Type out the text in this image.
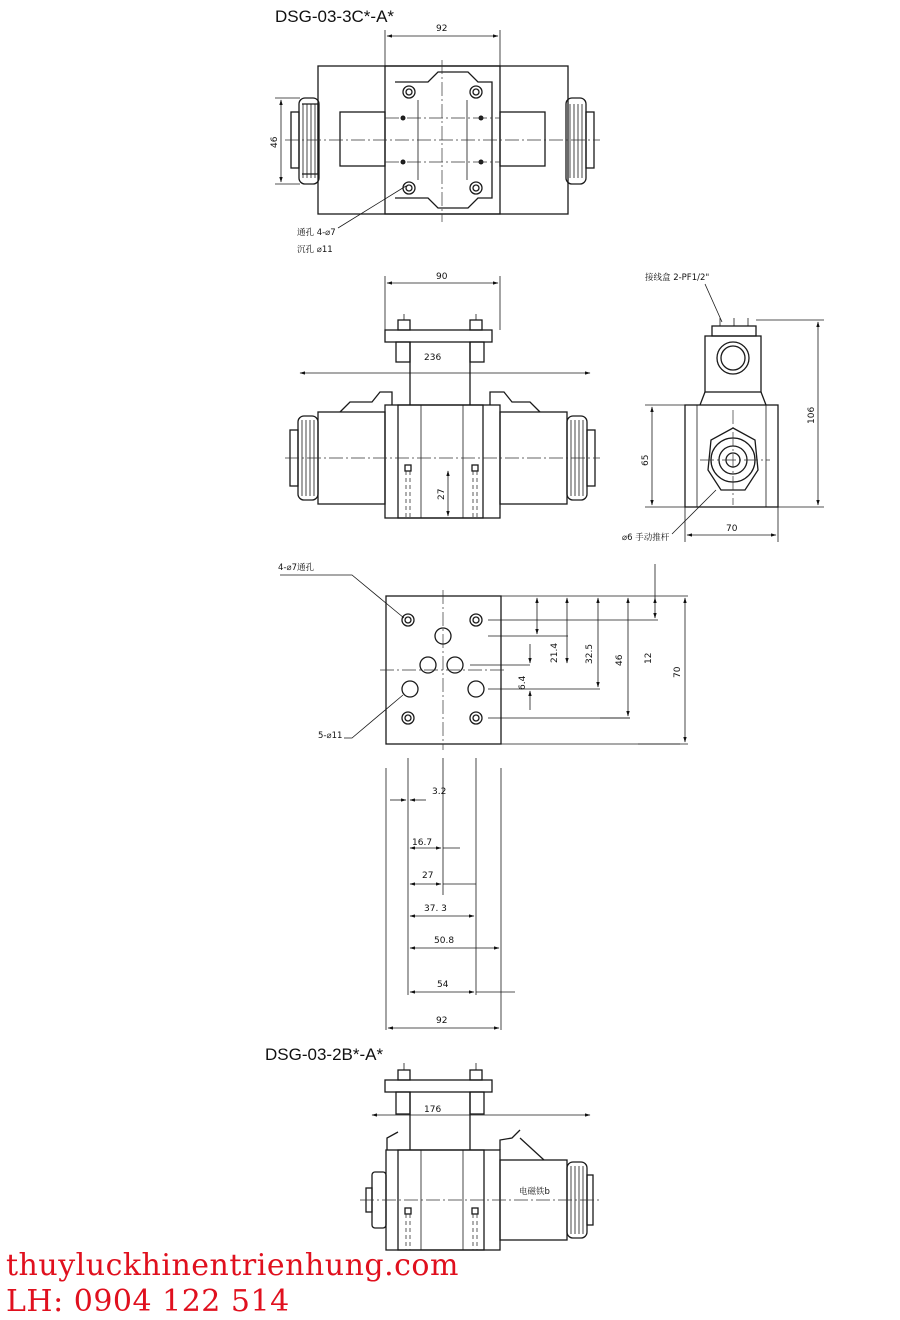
DSG-03-3C*-A*
92
46
通孔 4-⌀7
沉孔 ⌀11
90
236
27
接线盒 2-PF1/2"
106
65
70
⌀6 手动推杆
4-⌀7通孔
5-⌀11
21.4	32.5 46 12
70
6.4
3.2
16.7
27
37. 3
50.8
54
92
DSG-03-2B*-A*
176
电磁铁b
thuyluckhinentrienhung.com
LH: 0904 122 514
